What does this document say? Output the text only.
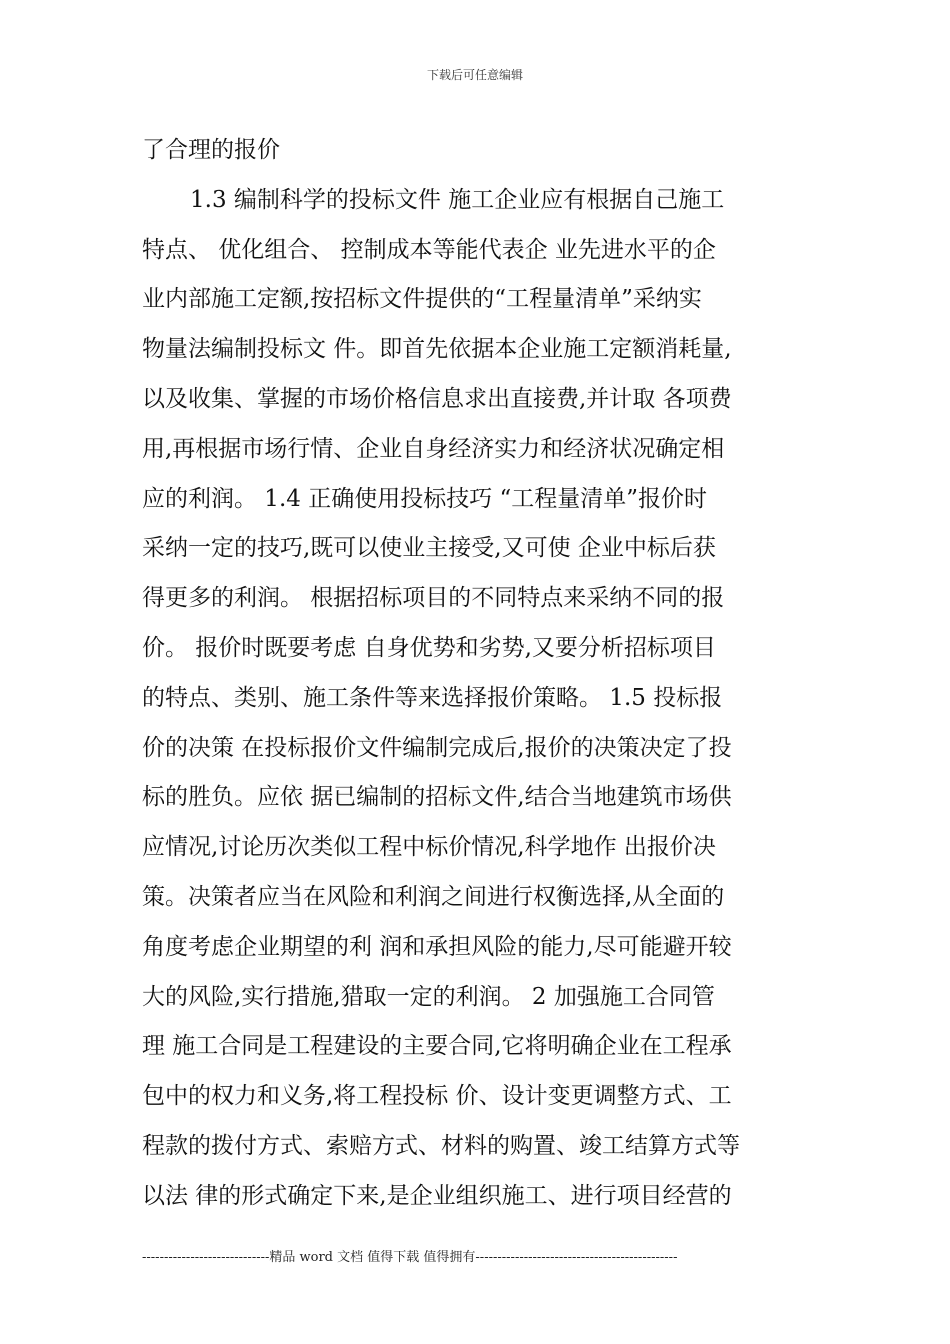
下载后可任意编辑
了合理的报价
1.3 编制科学的投标文件 施工企业应有根据自己施工
特点、 优化组合、 控制成本等能代表企 业先进水平的企
业内部施工定额,按招标文件提供的“工程量清单”采纳实
物量法编制投标文 件。即首先依据本企业施工定额消耗量,
以及收集、掌握的市场价格信息求出直接费,并计取 各项费
用,再根据市场行情、企业自身经济实力和经济状况确定相
应的利润。 1.4 正确使用投标技巧 “工程量清单”报价时
采纳一定的技巧,既可以使业主接受,又可使 企业中标后获
得更多的利润。 根据招标项目的不同特点来采纳不同的报
价。 报价时既要考虑 自身优势和劣势,又要分析招标项目
的特点、类别、施工条件等来选择报价策略。 1.5 投标报
价的决策 在投标报价文件编制完成后,报价的决策决定了投
标的胜负。应依 据已编制的招标文件,结合当地建筑市场供
应情况,讨论历次类似工程中标价情况,科学地作 出报价决
策。决策者应当在风险和利润之间进行权衡选择,从全面的
角度考虑企业期望的利 润和承担风险的能力,尽可能避开较
大的风险,实行措施,猎取一定的利润。 2 加强施工合同管
理 施工合同是工程建设的主要合同,它将明确企业在工程承
包中的权力和义务,将工程投标 价、设计变更调整方式、工
程款的拨付方式、索赔方式、材料的购置、竣工结算方式等
以法 律的形式确定下来,是企业组织施工、进行项目经营的
-----------------------------精品 word 文档 值得下载 值得拥有----------------------------------------------
